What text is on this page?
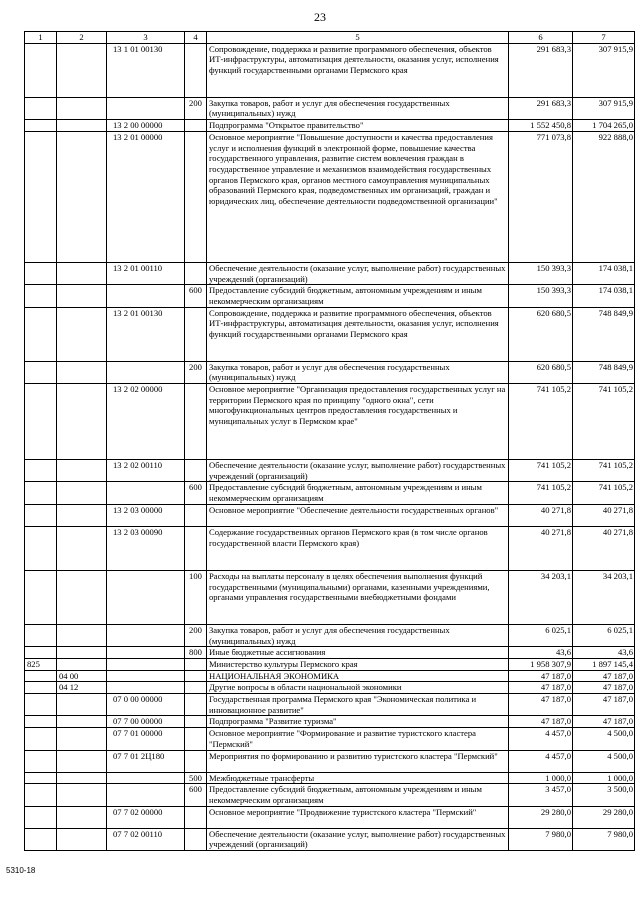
23
1	2	3	4	5	6	7
		13 1 01 00130		Сопровождение, поддержка и развитие программного обеспечения, объектов ИТ-инфраструктуры, автоматизация деятельности, оказания услуг, исполнения функций государственными органами Пермского края	291 683,3	307 915,9
			200	Закупка товаров, работ и услуг для обеспечения государственных (муниципальных) нужд	291 683,3	307 915,9
		13 2 00 00000		Подпрограмма "Открытое правительство"	1 552 450,8	1 704 265,0
		13 2 01 00000		Основное мероприятие "Повышение доступности и качества предоставления услуг и исполнения функций в электронной форме, повышение качества государственного управления, развитие систем вовлечения граждан в государственное управление и механизмов взаимодействия государственных органов Пермского края, органов местного самоуправления муниципальных образований Пермского края, подведомственных им организаций, граждан и юридических лиц, обеспечение деятельности подведомственной организации"	771 073,8	922 888,0
		13 2 01 00110		Обеспечение деятельности (оказание услуг, выполнение работ) государственных учреждений (организаций)	150 393,3	174 038,1
			600	Предоставление субсидий бюджетным, автономным учреждениям и иным некоммерческим организациям	150 393,3	174 038,1
		13 2 01 00130		Сопровождение, поддержка и развитие программного обеспечения, объектов ИТ-инфраструктуры, автоматизация деятельности, оказания услуг, исполнения функций государственными органами Пермского края	620 680,5	748 849,9
			200	Закупка товаров, работ и услуг для обеспечения государственных (муниципальных) нужд	620 680,5	748 849,9
		13 2 02 00000		Основное мероприятие "Организация предоставления государственных услуг на территории Пермского края по принципу "одного окна", сети многофункциональных центров предоставления государственных и муниципальных услуг в Пермском крае"	741 105,2	741 105,2
		13 2 02 00110		Обеспечение деятельности (оказание услуг, выполнение работ) государственных учреждений (организаций)	741 105,2	741 105,2
			600	Предоставление субсидий бюджетным, автономным учреждениям и иным некоммерческим организациям	741 105,2	741 105,2
		13 2 03 00000		Основное мероприятие "Обеспечение деятельности государственных органов"	40 271,8	40 271,8
		13 2 03 00090		Содержание государственных органов Пермского края (в том числе органов государственной власти Пермского края)	40 271,8	40 271,8
			100	Расходы на выплаты персоналу в целях обеспечения выполнения функций государственными (муниципальными) органами, казенными учреждениями, органами управления государственными внебюджетными фондами	34 203,1	34 203,1
			200	Закупка товаров, работ и услуг для обеспечения государственных (муниципальных) нужд	6 025,1	6 025,1
			800	Иные бюджетные ассигнования	43,6	43,6
825				Министерство культуры Пермского края	1 958 307,9	1 897 145,4
	04 00			НАЦИОНАЛЬНАЯ ЭКОНОМИКА	47 187,0	47 187,0
	04 12			Другие вопросы в области национальной экономики	47 187,0	47 187,0
		07 0 00 00000		Государственная программа Пермского края "Экономическая политика и инновационное развитие"	47 187,0	47 187,0
		07 7 00 00000		Подпрограмма "Развитие туризма"	47 187,0	47 187,0
		07 7 01 00000		Основное мероприятие "Формирование и развитие туристского кластера "Пермский"	4 457,0	4 500,0
		07 7 01 2Ц180		Мероприятия по формированию и развитию туристского кластера "Пермский"	4 457,0	4 500,0
			500	Межбюджетные трансферты	1 000,0	1 000,0
			600	Предоставление субсидий бюджетным, автономным учреждениям и иным некоммерческим организациям	3 457,0	3 500,0
		07 7 02 00000		Основное мероприятие "Продвижение туристского кластера "Пермский"	29 280,0	29 280,0
		07 7 02 00110		Обеспечение деятельности (оказание услуг, выполнение работ) государственных учреждений (организаций)	7 980,0	7 980,0
5310-18
